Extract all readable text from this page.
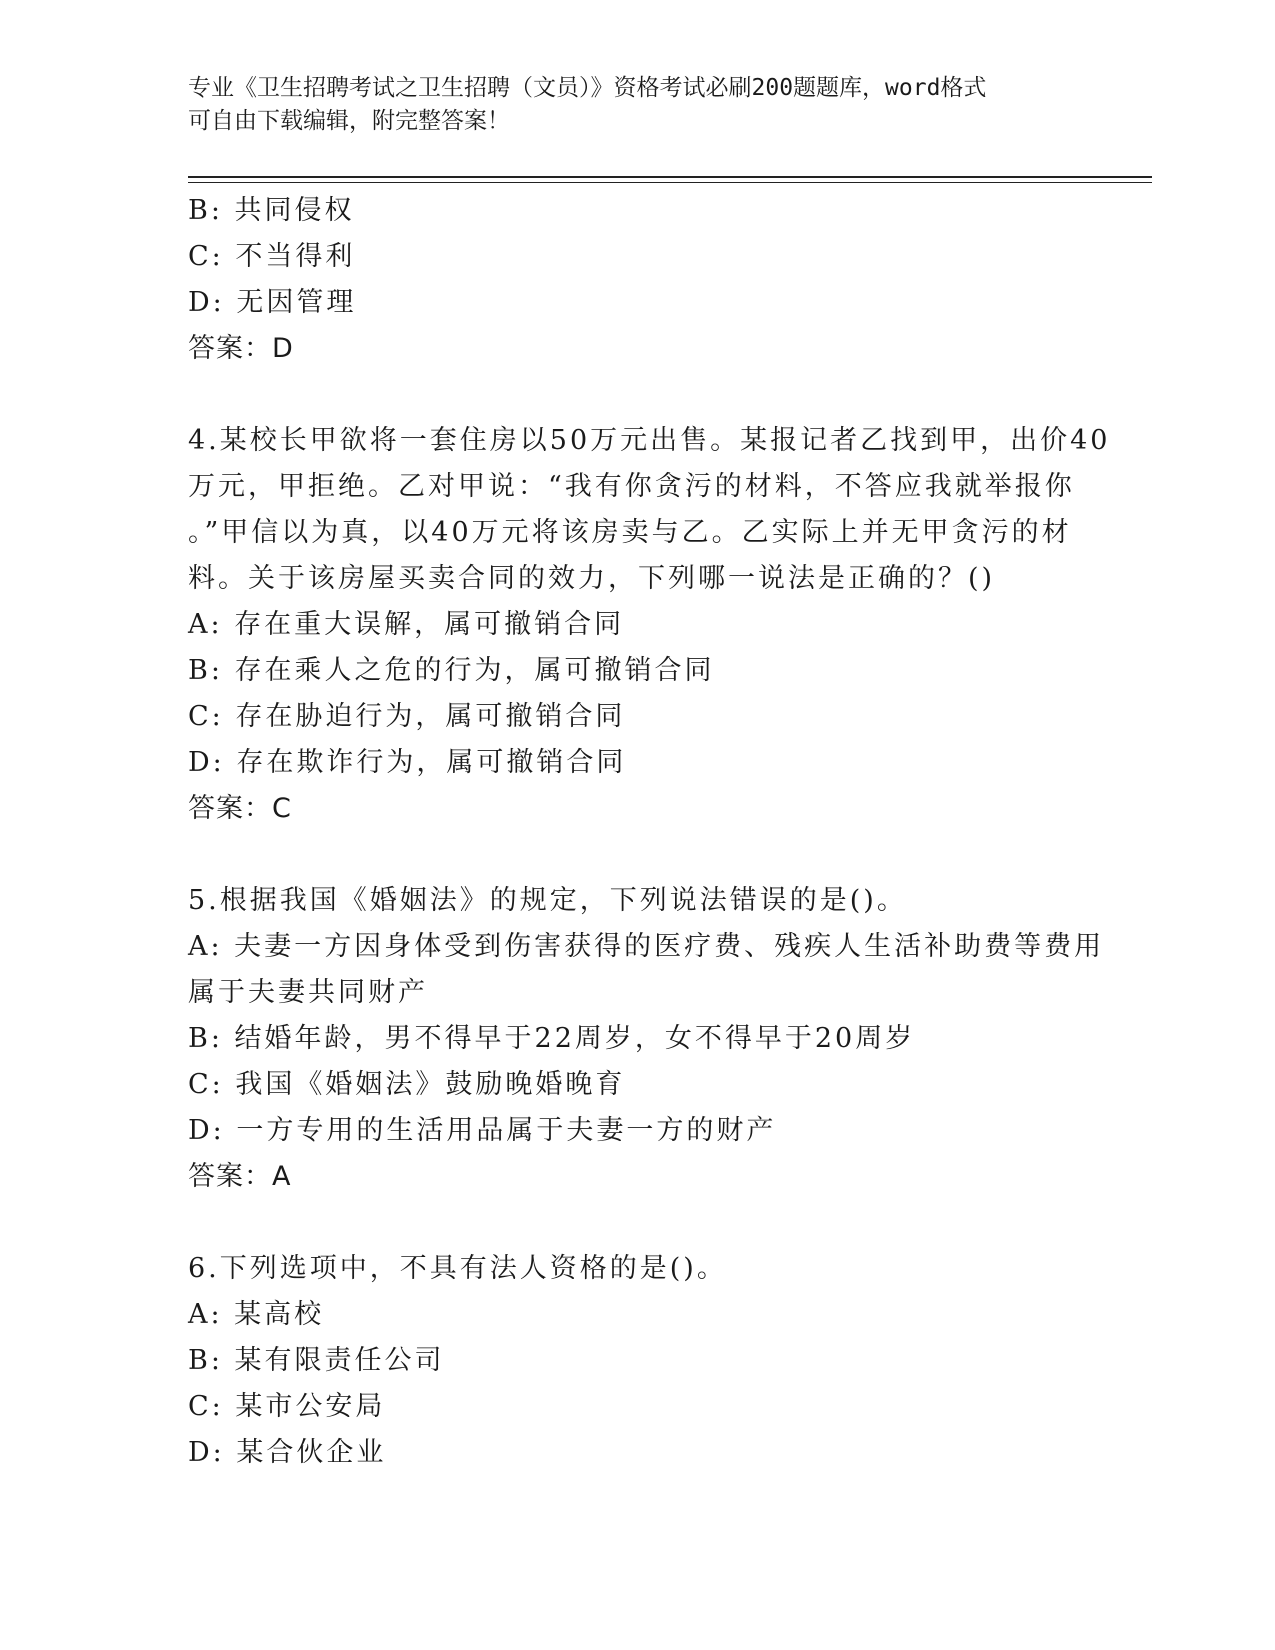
专业《卫生招聘考试之卫生招聘（文员）》资格考试必刷200题题库，word格式
可自由下载编辑，附完整答案！
B: 共同侵权
C: 不当得利
D: 无因管理
答案：D
4.某校长甲欲将一套住房以50万元出售。某报记者乙找到甲，出价40
万元，甲拒绝。乙对甲说：“我有你贪污的材料，不答应我就举报你
。”甲信以为真，以40万元将该房卖与乙。乙实际上并无甲贪污的材
料。关于该房屋买卖合同的效力，下列哪一说法是正确的？()
A: 存在重大误解，属可撤销合同
B: 存在乘人之危的行为，属可撤销合同
C: 存在胁迫行为，属可撤销合同
D: 存在欺诈行为，属可撤销合同
答案：C
5.根据我国《婚姻法》的规定，下列说法错误的是()。
A: 夫妻一方因身体受到伤害获得的医疗费、残疾人生活补助费等费用
属于夫妻共同财产
B: 结婚年龄，男不得早于22周岁，女不得早于20周岁
C: 我国《婚姻法》鼓励晚婚晚育
D: 一方专用的生活用品属于夫妻一方的财产
答案：A
6.下列选项中，不具有法人资格的是()。
A: 某高校
B: 某有限责任公司
C: 某市公安局
D: 某合伙企业
